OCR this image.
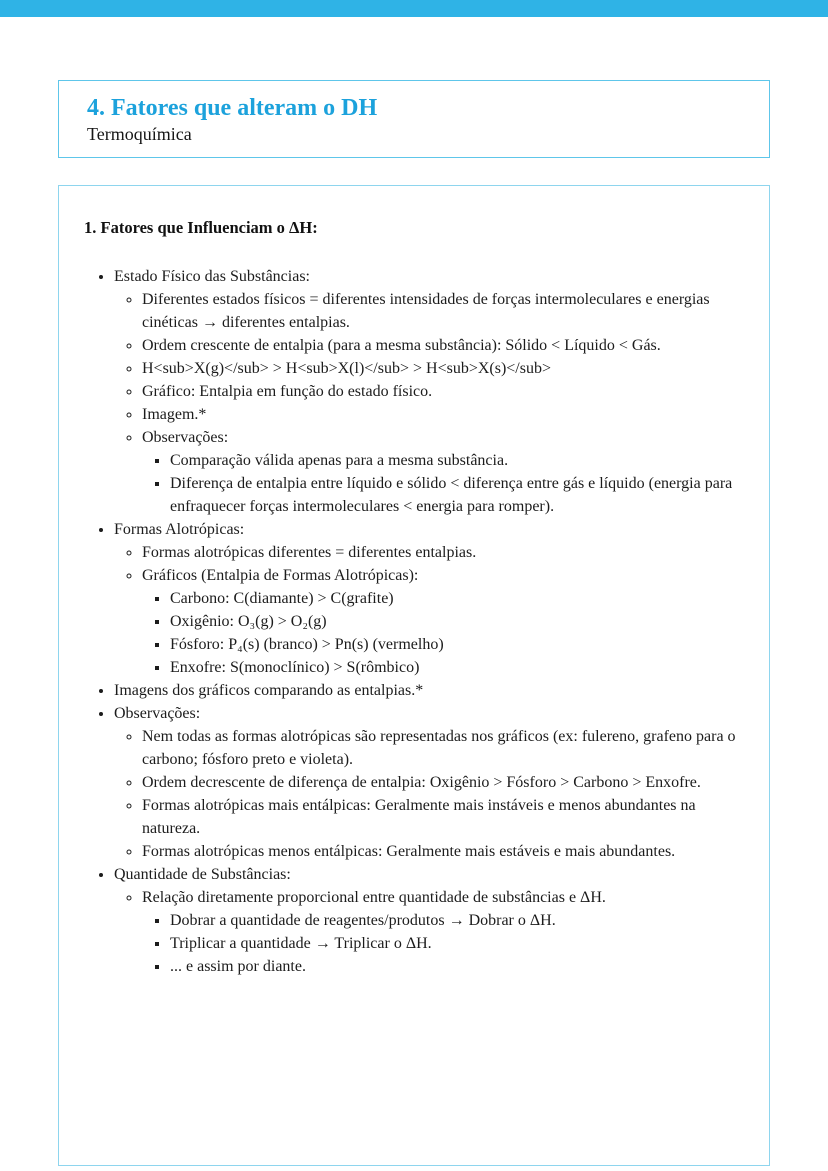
4. Fatores que alteram o DH
Termoquímica
1. Fatores que Influenciam o ΔH:
• Estado Físico das Substâncias:
◦ Diferentes estados físicos = diferentes intensidades de forças intermoleculares e energias cinéticas → diferentes entalpias.
◦ Ordem crescente de entalpia (para a mesma substância): Sólido < Líquido < Gás.
◦ H<sub>X(g)</sub> > H<sub>X(l)</sub> > H<sub>X(s)</sub>
◦ Gráfico: Entalpia em função do estado físico.
◦ Imagem.*
◦ Observações:
▪ Comparação válida apenas para a mesma substância.
▪ Diferença de entalpia entre líquido e sólido < diferença entre gás e líquido (energia para enfraquecer forças intermoleculares < energia para romper).
• Formas Alotrópicas:
◦ Formas alotrópicas diferentes = diferentes entalpias.
◦ Gráficos (Entalpia de Formas Alotrópicas):
▪ Carbono: C(diamante) > C(grafite)
▪ Oxigênio: O₃(g) > O₂(g)
▪ Fósforo: P₄(s) (branco) > Pn(s) (vermelho)
▪ Enxofre: S(monoclínico) > S(rômbico)
• Imagens dos gráficos comparando as entalpias.*
• Observações:
◦ Nem todas as formas alotrópicas são representadas nos gráficos (ex: fulereno, grafeno para o carbono; fósforo preto e violeta).
◦ Ordem decrescente de diferença de entalpia: Oxigênio > Fósforo > Carbono > Enxofre.
◦ Formas alotrópicas mais entálpicas: Geralmente mais instáveis e menos abundantes na natureza.
◦ Formas alotrópicas menos entálpicas: Geralmente mais estáveis e mais abundantes.
• Quantidade de Substâncias:
◦ Relação diretamente proporcional entre quantidade de substâncias e ΔH.
▪ Dobrar a quantidade de reagentes/produtos → Dobrar o ΔH.
▪ Triplicar a quantidade → Triplicar o ΔH.
▪ ... e assim por diante.
